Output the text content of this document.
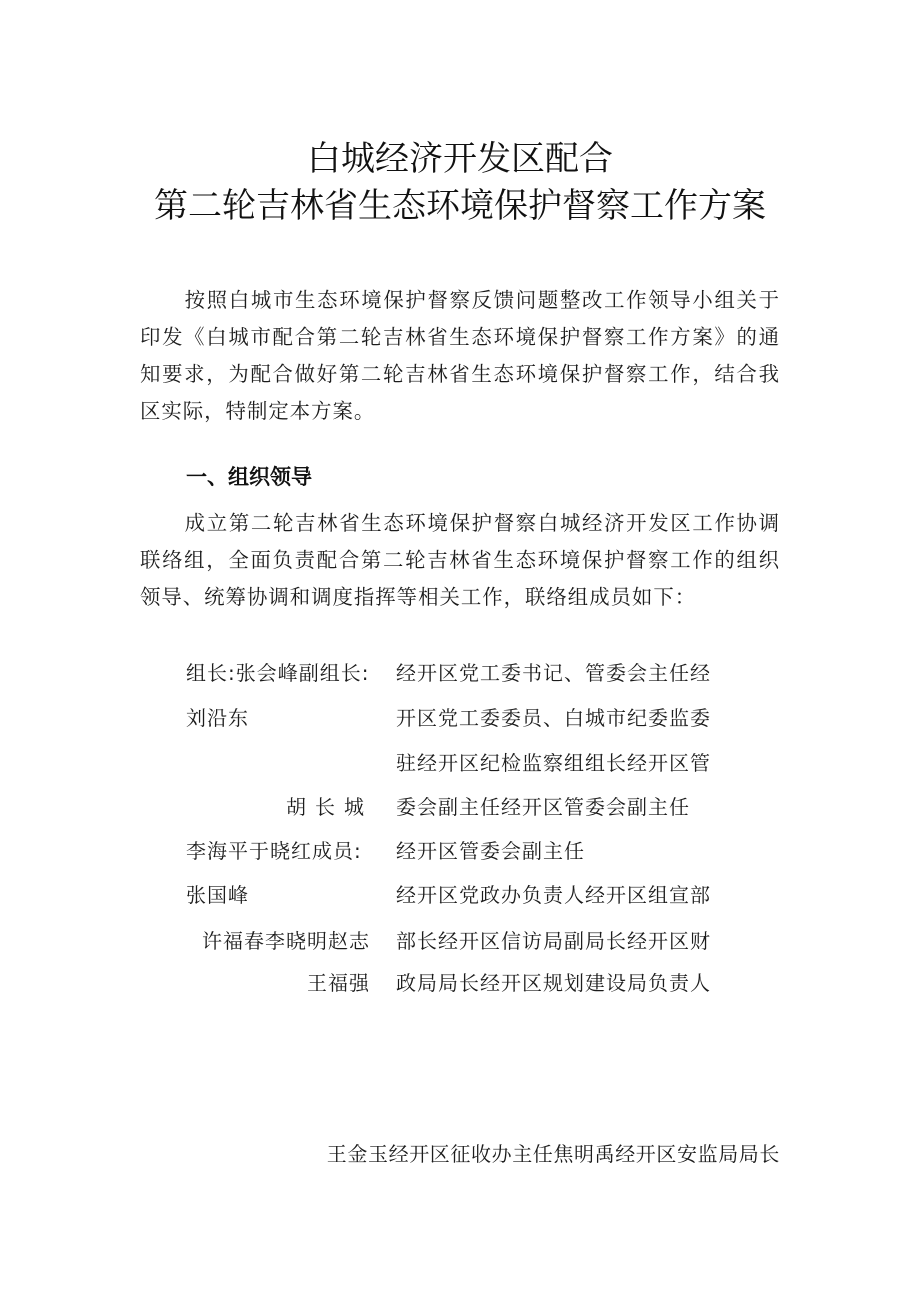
白城经济开发区配合
第二轮吉林省生态环境保护督察工作方案
按照白城市生态环境保护督察反馈问题整改工作领导小组关于印发《白城市配合第二轮吉林省生态环境保护督察工作方案》的通知要求，为配合做好第二轮吉林省生态环境保护督察工作，结合我区实际，特制定本方案。
一、组织领导
成立第二轮吉林省生态环境保护督察白城经济开发区工作协调联络组，全面负责配合第二轮吉林省生态环境保护督察工作的组织领导、统筹协调和调度指挥等相关工作，联络组成员如下：
组长:张会峰副组长:
刘沿东
胡长城
李海平于晓红成员:
张国峰
许福春李晓明赵志
王福强
经开区党工委书记、管委会主任经
开区党工委委员、白城市纪委监委
驻经开区纪检监察组组长经开区管
委会副主任经开区管委会副主任
经开区管委会副主任
经开区党政办负责人经开区组宣部
部长经开区信访局副局长经开区财
政局局长经开区规划建设局负责人
王金玉经开区征收办主任焦明禹经开区安监局局长
